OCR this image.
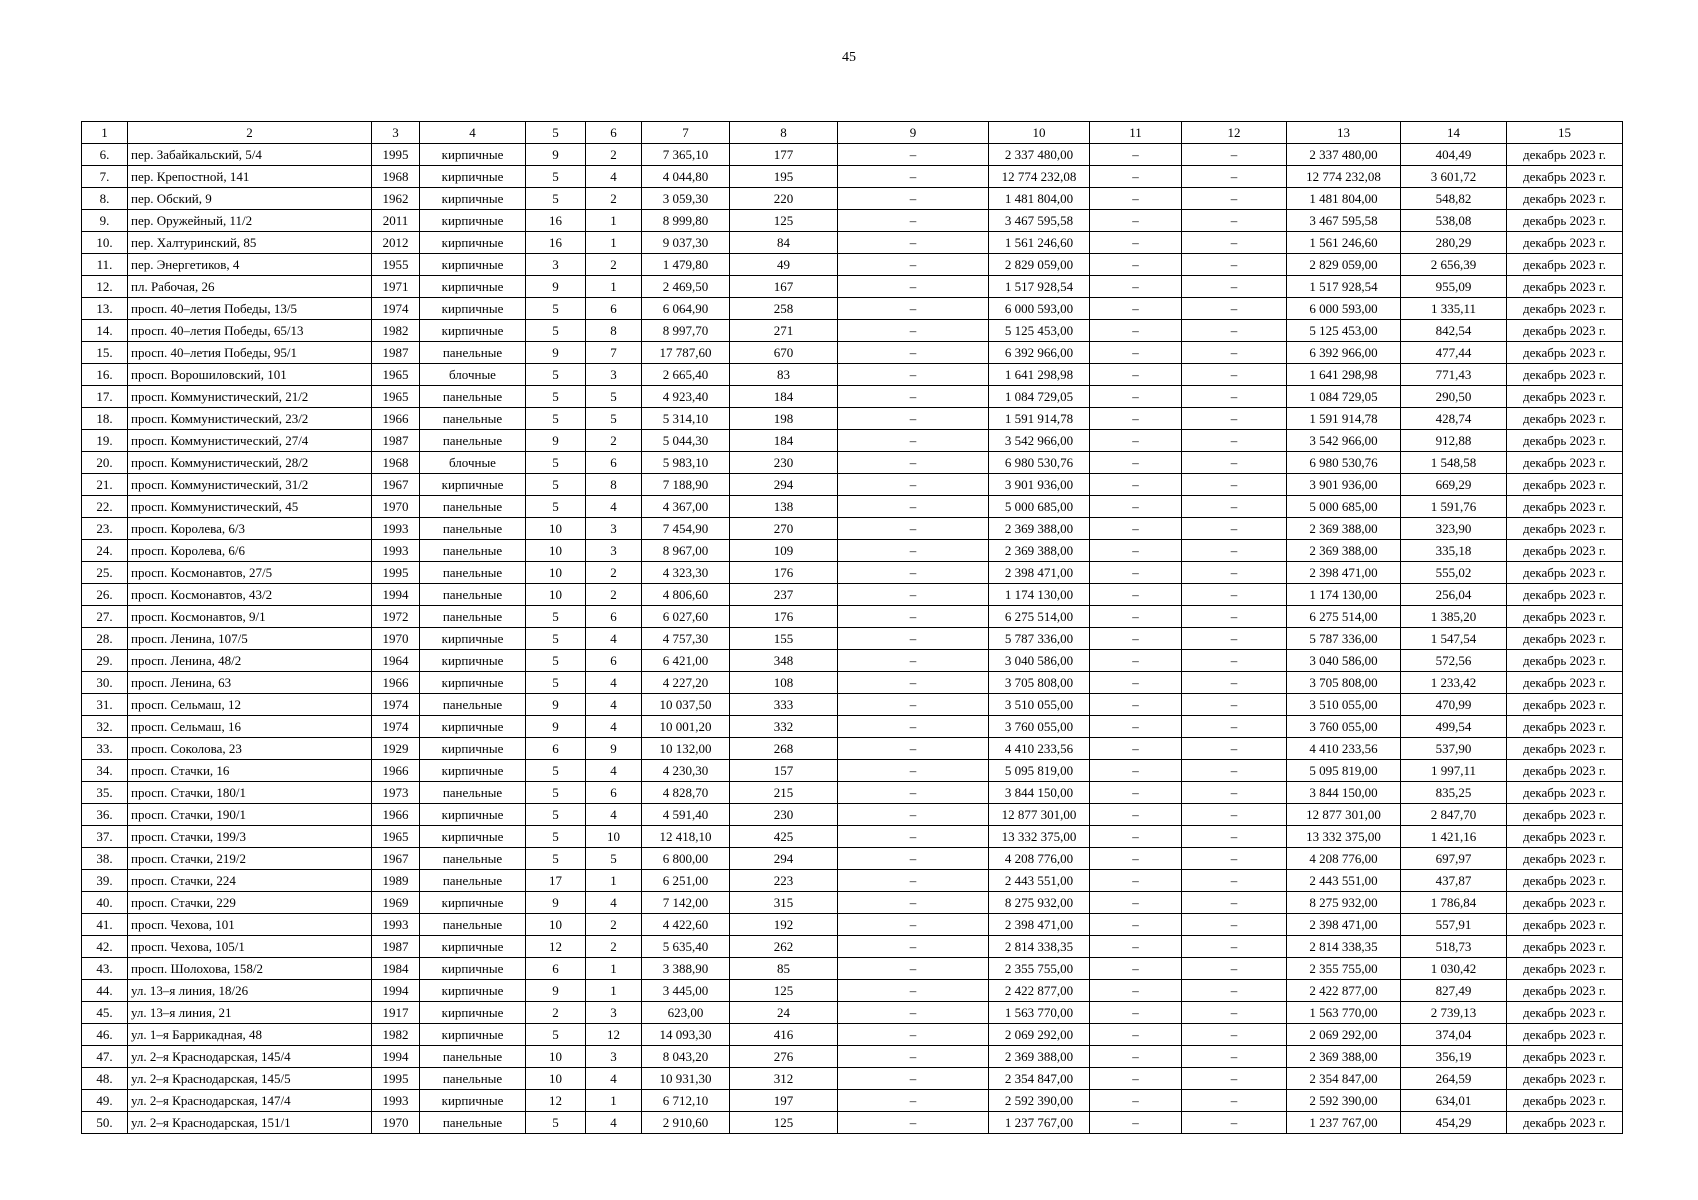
45
1	2	3	4	5	6	7	8	9	10	11	12	13	14	15
6.	пер. Забайкальский, 5/4	1995	кирпичные	9	2	7 365,10	177	–	2 337 480,00	–	–	2 337 480,00	404,49	декабрь 2023 г.
7.	пер. Крепостной, 141	1968	кирпичные	5	4	4 044,80	195	–	12 774 232,08	–	–	12 774 232,08	3 601,72	декабрь 2023 г.
8.	пер. Обский, 9	1962	кирпичные	5	2	3 059,30	220	–	1 481 804,00	–	–	1 481 804,00	548,82	декабрь 2023 г.
9.	пер. Оружейный, 11/2	2011	кирпичные	16	1	8 999,80	125	–	3 467 595,58	–	–	3 467 595,58	538,08	декабрь 2023 г.
10.	пер. Халтуринский, 85	2012	кирпичные	16	1	9 037,30	84	–	1 561 246,60	–	–	1 561 246,60	280,29	декабрь 2023 г.
11.	пер. Энергетиков, 4	1955	кирпичные	3	2	1 479,80	49	–	2 829 059,00	–	–	2 829 059,00	2 656,39	декабрь 2023 г.
12.	пл. Рабочая, 26	1971	кирпичные	9	1	2 469,50	167	–	1 517 928,54	–	–	1 517 928,54	955,09	декабрь 2023 г.
13.	просп. 40–летия Победы, 13/5	1974	кирпичные	5	6	6 064,90	258	–	6 000 593,00	–	–	6 000 593,00	1 335,11	декабрь 2023 г.
14.	просп. 40–летия Победы, 65/13	1982	кирпичные	5	8	8 997,70	271	–	5 125 453,00	–	–	5 125 453,00	842,54	декабрь 2023 г.
15.	просп. 40–летия Победы, 95/1	1987	панельные	9	7	17 787,60	670	–	6 392 966,00	–	–	6 392 966,00	477,44	декабрь 2023 г.
16.	просп. Ворошиловский, 101	1965	блочные	5	3	2 665,40	83	–	1 641 298,98	–	–	1 641 298,98	771,43	декабрь 2023 г.
17.	просп. Коммунистический, 21/2	1965	панельные	5	5	4 923,40	184	–	1 084 729,05	–	–	1 084 729,05	290,50	декабрь 2023 г.
18.	просп. Коммунистический, 23/2	1966	панельные	5	5	5 314,10	198	–	1 591 914,78	–	–	1 591 914,78	428,74	декабрь 2023 г.
19.	просп. Коммунистический, 27/4	1987	панельные	9	2	5 044,30	184	–	3 542 966,00	–	–	3 542 966,00	912,88	декабрь 2023 г.
20.	просп. Коммунистический, 28/2	1968	блочные	5	6	5 983,10	230	–	6 980 530,76	–	–	6 980 530,76	1 548,58	декабрь 2023 г.
21.	просп. Коммунистический, 31/2	1967	кирпичные	5	8	7 188,90	294	–	3 901 936,00	–	–	3 901 936,00	669,29	декабрь 2023 г.
22.	просп. Коммунистический, 45	1970	панельные	5	4	4 367,00	138	–	5 000 685,00	–	–	5 000 685,00	1 591,76	декабрь 2023 г.
23.	просп. Королева, 6/3	1993	панельные	10	3	7 454,90	270	–	2 369 388,00	–	–	2 369 388,00	323,90	декабрь 2023 г.
24.	просп. Королева, 6/6	1993	панельные	10	3	8 967,00	109	–	2 369 388,00	–	–	2 369 388,00	335,18	декабрь 2023 г.
25.	просп. Космонавтов, 27/5	1995	панельные	10	2	4 323,30	176	–	2 398 471,00	–	–	2 398 471,00	555,02	декабрь 2023 г.
26.	просп. Космонавтов, 43/2	1994	панельные	10	2	4 806,60	237	–	1 174 130,00	–	–	1 174 130,00	256,04	декабрь 2023 г.
27.	просп. Космонавтов, 9/1	1972	панельные	5	6	6 027,60	176	–	6 275 514,00	–	–	6 275 514,00	1 385,20	декабрь 2023 г.
28.	просп. Ленина, 107/5	1970	кирпичные	5	4	4 757,30	155	–	5 787 336,00	–	–	5 787 336,00	1 547,54	декабрь 2023 г.
29.	просп. Ленина, 48/2	1964	кирпичные	5	6	6 421,00	348	–	3 040 586,00	–	–	3 040 586,00	572,56	декабрь 2023 г.
30.	просп. Ленина, 63	1966	кирпичные	5	4	4 227,20	108	–	3 705 808,00	–	–	3 705 808,00	1 233,42	декабрь 2023 г.
31.	просп. Сельмаш, 12	1974	панельные	9	4	10 037,50	333	–	3 510 055,00	–	–	3 510 055,00	470,99	декабрь 2023 г.
32.	просп. Сельмаш, 16	1974	кирпичные	9	4	10 001,20	332	–	3 760 055,00	–	–	3 760 055,00	499,54	декабрь 2023 г.
33.	просп. Соколова, 23	1929	кирпичные	6	9	10 132,00	268	–	4 410 233,56	–	–	4 410 233,56	537,90	декабрь 2023 г.
34.	просп. Стачки, 16	1966	кирпичные	5	4	4 230,30	157	–	5 095 819,00	–	–	5 095 819,00	1 997,11	декабрь 2023 г.
35.	просп. Стачки, 180/1	1973	панельные	5	6	4 828,70	215	–	3 844 150,00	–	–	3 844 150,00	835,25	декабрь 2023 г.
36.	просп. Стачки, 190/1	1966	кирпичные	5	4	4 591,40	230	–	12 877 301,00	–	–	12 877 301,00	2 847,70	декабрь 2023 г.
37.	просп. Стачки, 199/3	1965	кирпичные	5	10	12 418,10	425	–	13 332 375,00	–	–	13 332 375,00	1 421,16	декабрь 2023 г.
38.	просп. Стачки, 219/2	1967	панельные	5	5	6 800,00	294	–	4 208 776,00	–	–	4 208 776,00	697,97	декабрь 2023 г.
39.	просп. Стачки, 224	1989	панельные	17	1	6 251,00	223	–	2 443 551,00	–	–	2 443 551,00	437,87	декабрь 2023 г.
40.	просп. Стачки, 229	1969	кирпичные	9	4	7 142,00	315	–	8 275 932,00	–	–	8 275 932,00	1 786,84	декабрь 2023 г.
41.	просп. Чехова, 101	1993	панельные	10	2	4 422,60	192	–	2 398 471,00	–	–	2 398 471,00	557,91	декабрь 2023 г.
42.	просп. Чехова, 105/1	1987	кирпичные	12	2	5 635,40	262	–	2 814 338,35	–	–	2 814 338,35	518,73	декабрь 2023 г.
43.	просп. Шолохова, 158/2	1984	кирпичные	6	1	3 388,90	85	–	2 355 755,00	–	–	2 355 755,00	1 030,42	декабрь 2023 г.
44.	ул. 13–я линия, 18/26	1994	кирпичные	9	1	3 445,00	125	–	2 422 877,00	–	–	2 422 877,00	827,49	декабрь 2023 г.
45.	ул. 13–я линия, 21	1917	кирпичные	2	3	623,00	24	–	1 563 770,00	–	–	1 563 770,00	2 739,13	декабрь 2023 г.
46.	ул. 1–я Баррикадная, 48	1982	кирпичные	5	12	14 093,30	416	–	2 069 292,00	–	–	2 069 292,00	374,04	декабрь 2023 г.
47.	ул. 2–я Краснодарская, 145/4	1994	панельные	10	3	8 043,20	276	–	2 369 388,00	–	–	2 369 388,00	356,19	декабрь 2023 г.
48.	ул. 2–я Краснодарская, 145/5	1995	панельные	10	4	10 931,30	312	–	2 354 847,00	–	–	2 354 847,00	264,59	декабрь 2023 г.
49.	ул. 2–я Краснодарская, 147/4	1993	кирпичные	12	1	6 712,10	197	–	2 592 390,00	–	–	2 592 390,00	634,01	декабрь 2023 г.
50.	ул. 2–я Краснодарская, 151/1	1970	панельные	5	4	2 910,60	125	–	1 237 767,00	–	–	1 237 767,00	454,29	декабрь 2023 г.
